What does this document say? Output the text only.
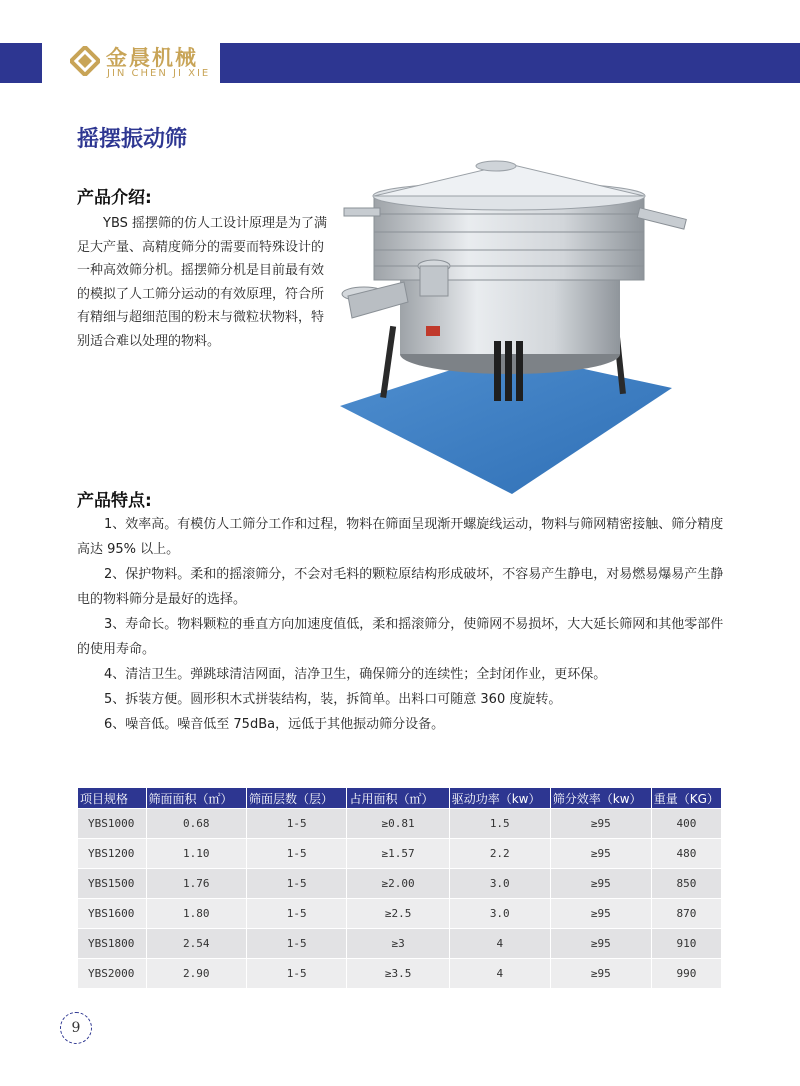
金晨机械
JIN CHEN JI XIE
摇摆振动筛
产品介绍:
YBS 摇摆筛的仿人工设计原理是为了满足大产量、高精度筛分的需要而特殊设计的一种高效筛分机。摇摆筛分机是目前最有效的模拟了人工筛分运动的有效原理，符合所有精细与超细范围的粉末与微粒状物料，特别适合难以处理的物料。
产品特点:

1、效率高。有模仿人工筛分工作和过程，物料在筛面呈现渐开螺旋线运动，物料与筛网精密接触、筛分精度高达 95% 以上。

2、保护物料。柔和的摇滚筛分，不会对毛料的颗粒原结构形成破坏，不容易产生静电，对易燃易爆易产生静电的物料筛分是最好的选择。

3、寿命长。物料颗粒的垂直方向加速度值低，柔和摇滚筛分，使筛网不易损坏，大大延长筛网和其他零部件的使用寿命。

4、清洁卫生。弹跳球清洁网面，洁净卫生，确保筛分的连续性；全封闭作业，更环保。

5、拆装方便。圆形积木式拼装结构，装，拆简单。出料口可随意 360 度旋转。

6、噪音低。噪音低至 75dBa，远低于其他振动筛分设备。

项目规格	筛面面积（㎡）	筛面层数（层）	占用面积（㎡）	驱动功率（kw）	筛分效率（kw）	重量（KG）
YBS1000	0.68	1-5	≥0.81	1.5	≥95	400
YBS1200	1.10	1-5	≥1.57	2.2	≥95	480
YBS1500	1.76	1-5	≥2.00	3.0	≥95	850
YBS1600	1.80	1-5	≥2.5	3.0	≥95	870
YBS1800	2.54	1-5	≥3	4	≥95	910
YBS2000	2.90	1-5	≥3.5	4	≥95	990
9
